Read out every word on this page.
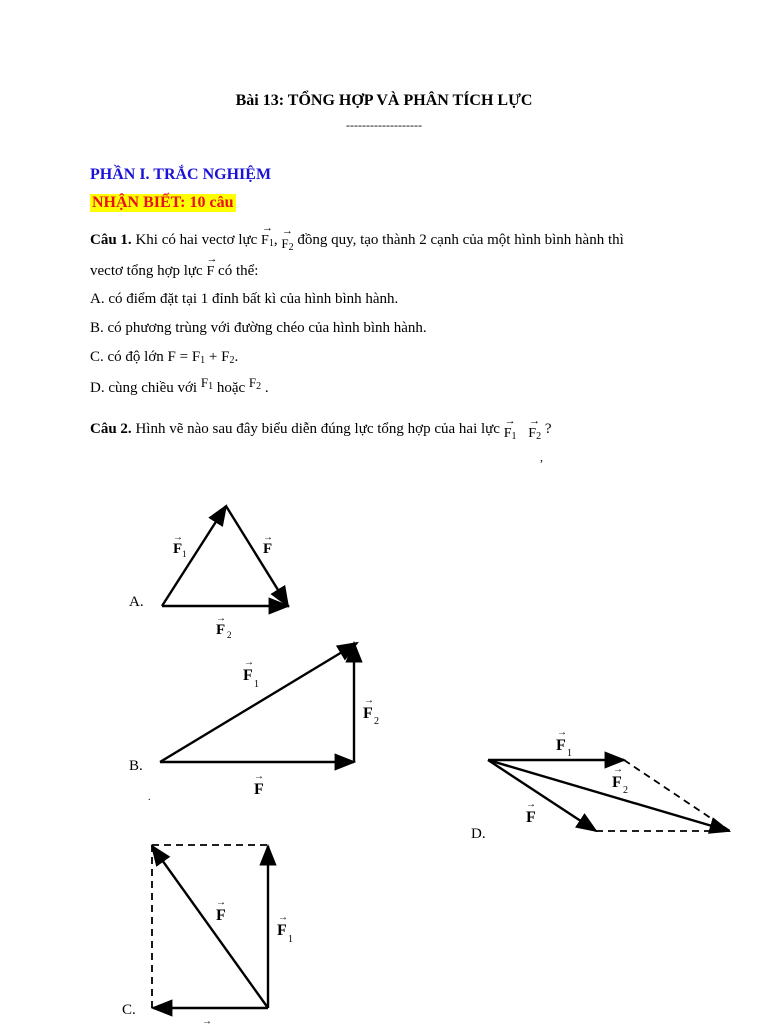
Bài 13: TỔNG HỢP VÀ PHÂN TÍCH LỰC
-------------------
PHẦN I. TRẮC NGHIỆM
NHẬN BIẾT: 10 câu
Câu 1. Khi có hai vectơ lực → $F_1$, → $F_2$ đồng quy, tạo thành 2 cạnh của một hình bình hành thì
vectơ tổng hợp lực → F có thể:
A. có điểm đặt tại 1 đỉnh bất kì của hình bình hành.
B. có phương trùng với đường chéo của hình bình hành.
C. có độ lớn $F = F_1 + F_2$.
D. cùng chiều với $F_1$ hoặc $F_2$ .
Câu 2. Hình vẽ nào sau đây biểu diễn đúng lực tổng hợp của hai lực → $F_1 \to F_2$ ?
,
A.
F 1
→
F
→
F 2
→
B.
F
1
→
F 2
→
F
→
.
D.
F 1
→
F 2
→
F
→
C.
F
→
F
1
→
→
